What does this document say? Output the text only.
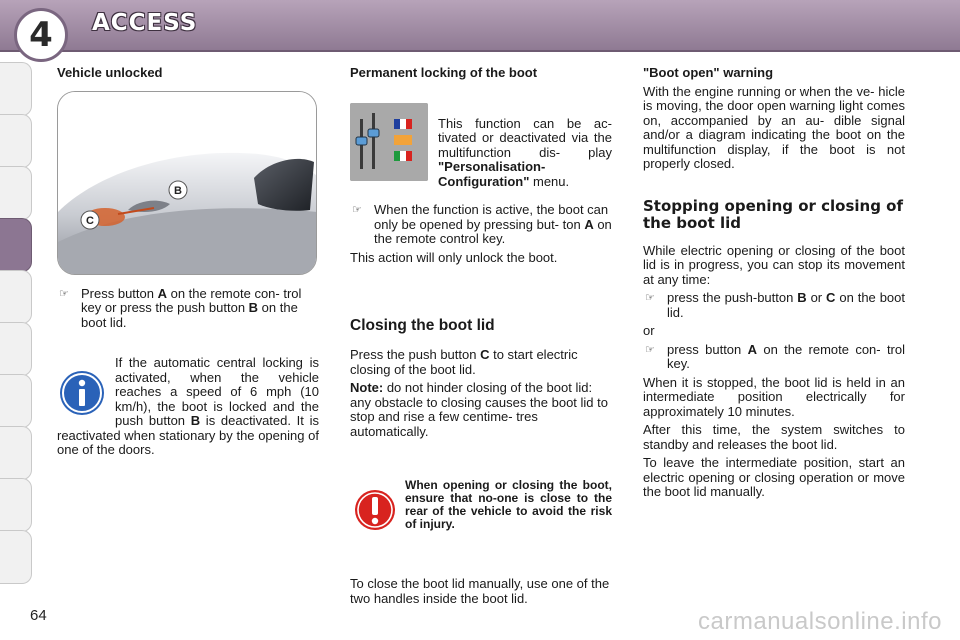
4	ACCESS
Vehicle unlocked
B
C
☞ Press button A on the remote con- trol key or press the push button B on the boot lid.
If the automatic central locking is activated, when the vehicle reaches a speed of 6 mph (10 km/h), the boot is locked and the push button B is deactivated. It is reactivated when stationary by the opening of one of the doors.
Permanent locking of the boot
This function can be ac- tivated or deactivated via the multifunction dis- play "Personalisation- Configuration" menu.
☞ When the function is active, the boot can only be opened by pressing but- ton A on the remote control key.

This action will only unlock the boot.

Closing the boot lid

Press the push button C to start electric closing of the boot lid.

Note: do not hinder closing of the boot lid: any obstacle to closing causes the boot lid to stop and rise a few centime- tres automatically.

When opening or closing the boot, ensure that no-one is close to the rear of the vehicle to avoid the risk of injury.

To close the boot lid manually, use one of the two handles inside the boot lid.

"Boot open" warning

With the engine running or when the ve- hicle is moving, the door open warning light comes on, accompanied by an au- dible signal and/or a diagram indicating the boot on the multifunction display, if the boot is not properly closed.

Stopping opening or closing of the boot lid

While electric opening or closing of the boot lid is in progress, you can stop its movement at any time:

☞ press the push-button B or C on the boot lid.

or

☞ press button A on the remote con- trol key.

When it is stopped, the boot lid is held in an intermediate position electrically for approximately 10 minutes.

After this time, the system switches to standby and releases the boot lid.

To leave the intermediate position, start an electric opening or closing operation or move the boot lid manually.

64	carmanualsonline.info
